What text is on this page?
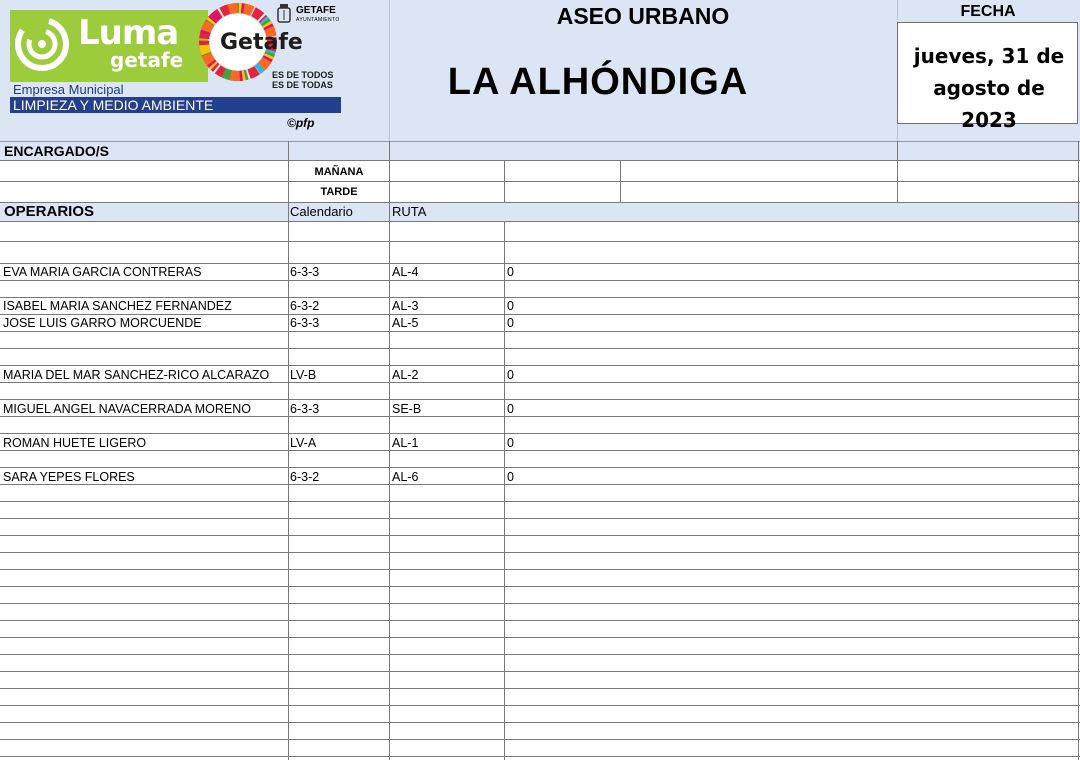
Luma
getafe
Getafe
GETAFE
AYUNTAMIENTO
ES DE TODOS
ES DE TODAS
Empresa Municipal
LIMPIEZA Y MEDIO AMBIENTE
©pfp
ASEO URBANO
LA ALHÓNDIGA
FECHA
jueves, 31 de
agosto de 2023
ENCARGADO/S
MAÑANA
TARDE
OPERARIOS	Calendario	RUTA
EVA MARIA GARCIA CONTRERAS	6-3-3	AL-4	0
ISABEL MARIA SANCHEZ FERNANDEZ	6-3-2	AL-3	0
JOSE LUIS GARRO MORCUENDE	6-3-3	AL-5	0
MARIA DEL MAR SANCHEZ-RICO ALCARAZO LV-B	AL-2	0
MIGUEL ANGEL NAVACERRADA MORENO	6-3-3	SE-B	0
ROMAN HUETE LIGERO	LV-A	AL-1	0
SARA YEPES FLORES	6-3-2	AL-6	0
